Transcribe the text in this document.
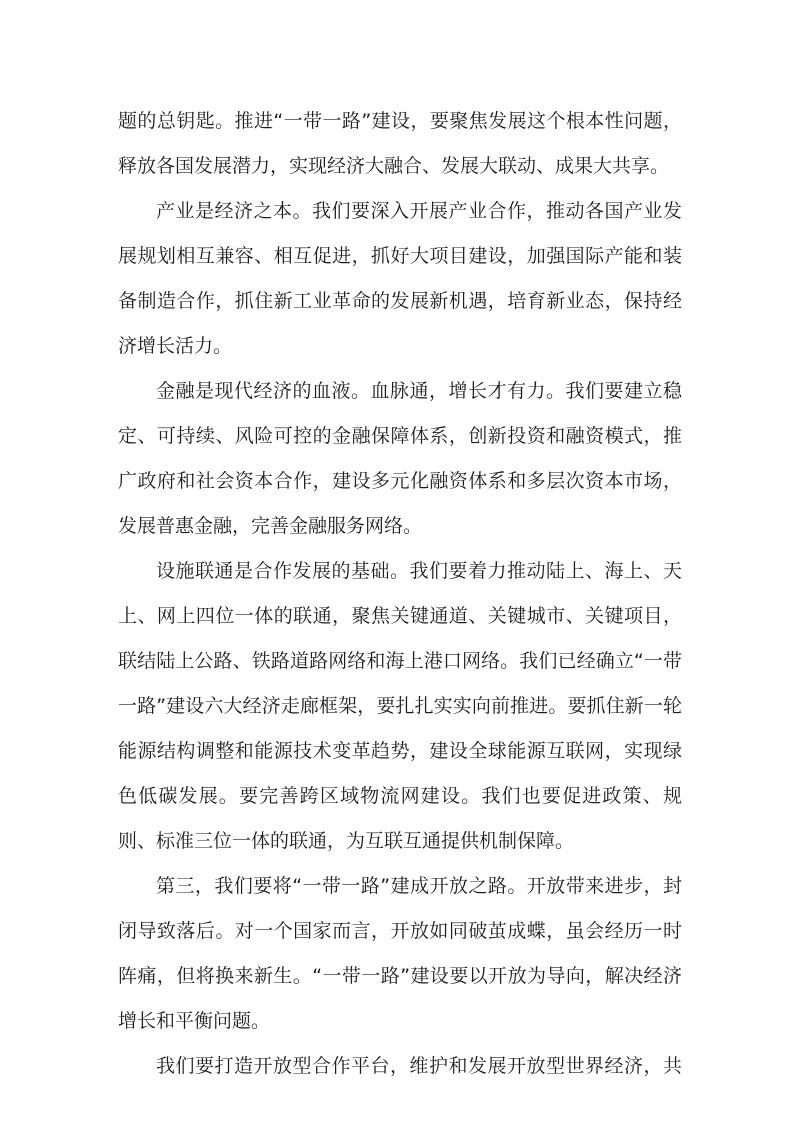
题的总钥匙。推进“一带一路”建设，要聚焦发展这个根本性问题，
释放各国发展潜力，实现经济大融合、发展大联动、成果大共享。
产业是经济之本。我们要深入开展产业合作，推动各国产业发
展规划相互兼容、相互促进，抓好大项目建设，加强国际产能和装
备制造合作，抓住新工业革命的发展新机遇，培育新业态，保持经
济增长活力。
金融是现代经济的血液。血脉通，增长才有力。我们要建立稳
定、可持续、风险可控的金融保障体系，创新投资和融资模式，推
广政府和社会资本合作，建设多元化融资体系和多层次资本市场，
发展普惠金融，完善金融服务网络。
设施联通是合作发展的基础。我们要着力推动陆上、海上、天
上、网上四位一体的联通，聚焦关键通道、关键城市、关键项目，
联结陆上公路、铁路道路网络和海上港口网络。我们已经确立“一带
一路”建设六大经济走廊框架，要扎扎实实向前推进。要抓住新一轮
能源结构调整和能源技术变革趋势，建设全球能源互联网，实现绿
色低碳发展。要完善跨区域物流网建设。我们也要促进政策、规
则、标准三位一体的联通，为互联互通提供机制保障。
第三，我们要将“一带一路”建成开放之路。开放带来进步，封
闭导致落后。对一个国家而言，开放如同破茧成蝶，虽会经历一时
阵痛，但将换来新生。“一带一路”建设要以开放为导向，解决经济
增长和平衡问题。
我们要打造开放型合作平台，维护和发展开放型世界经济，共
